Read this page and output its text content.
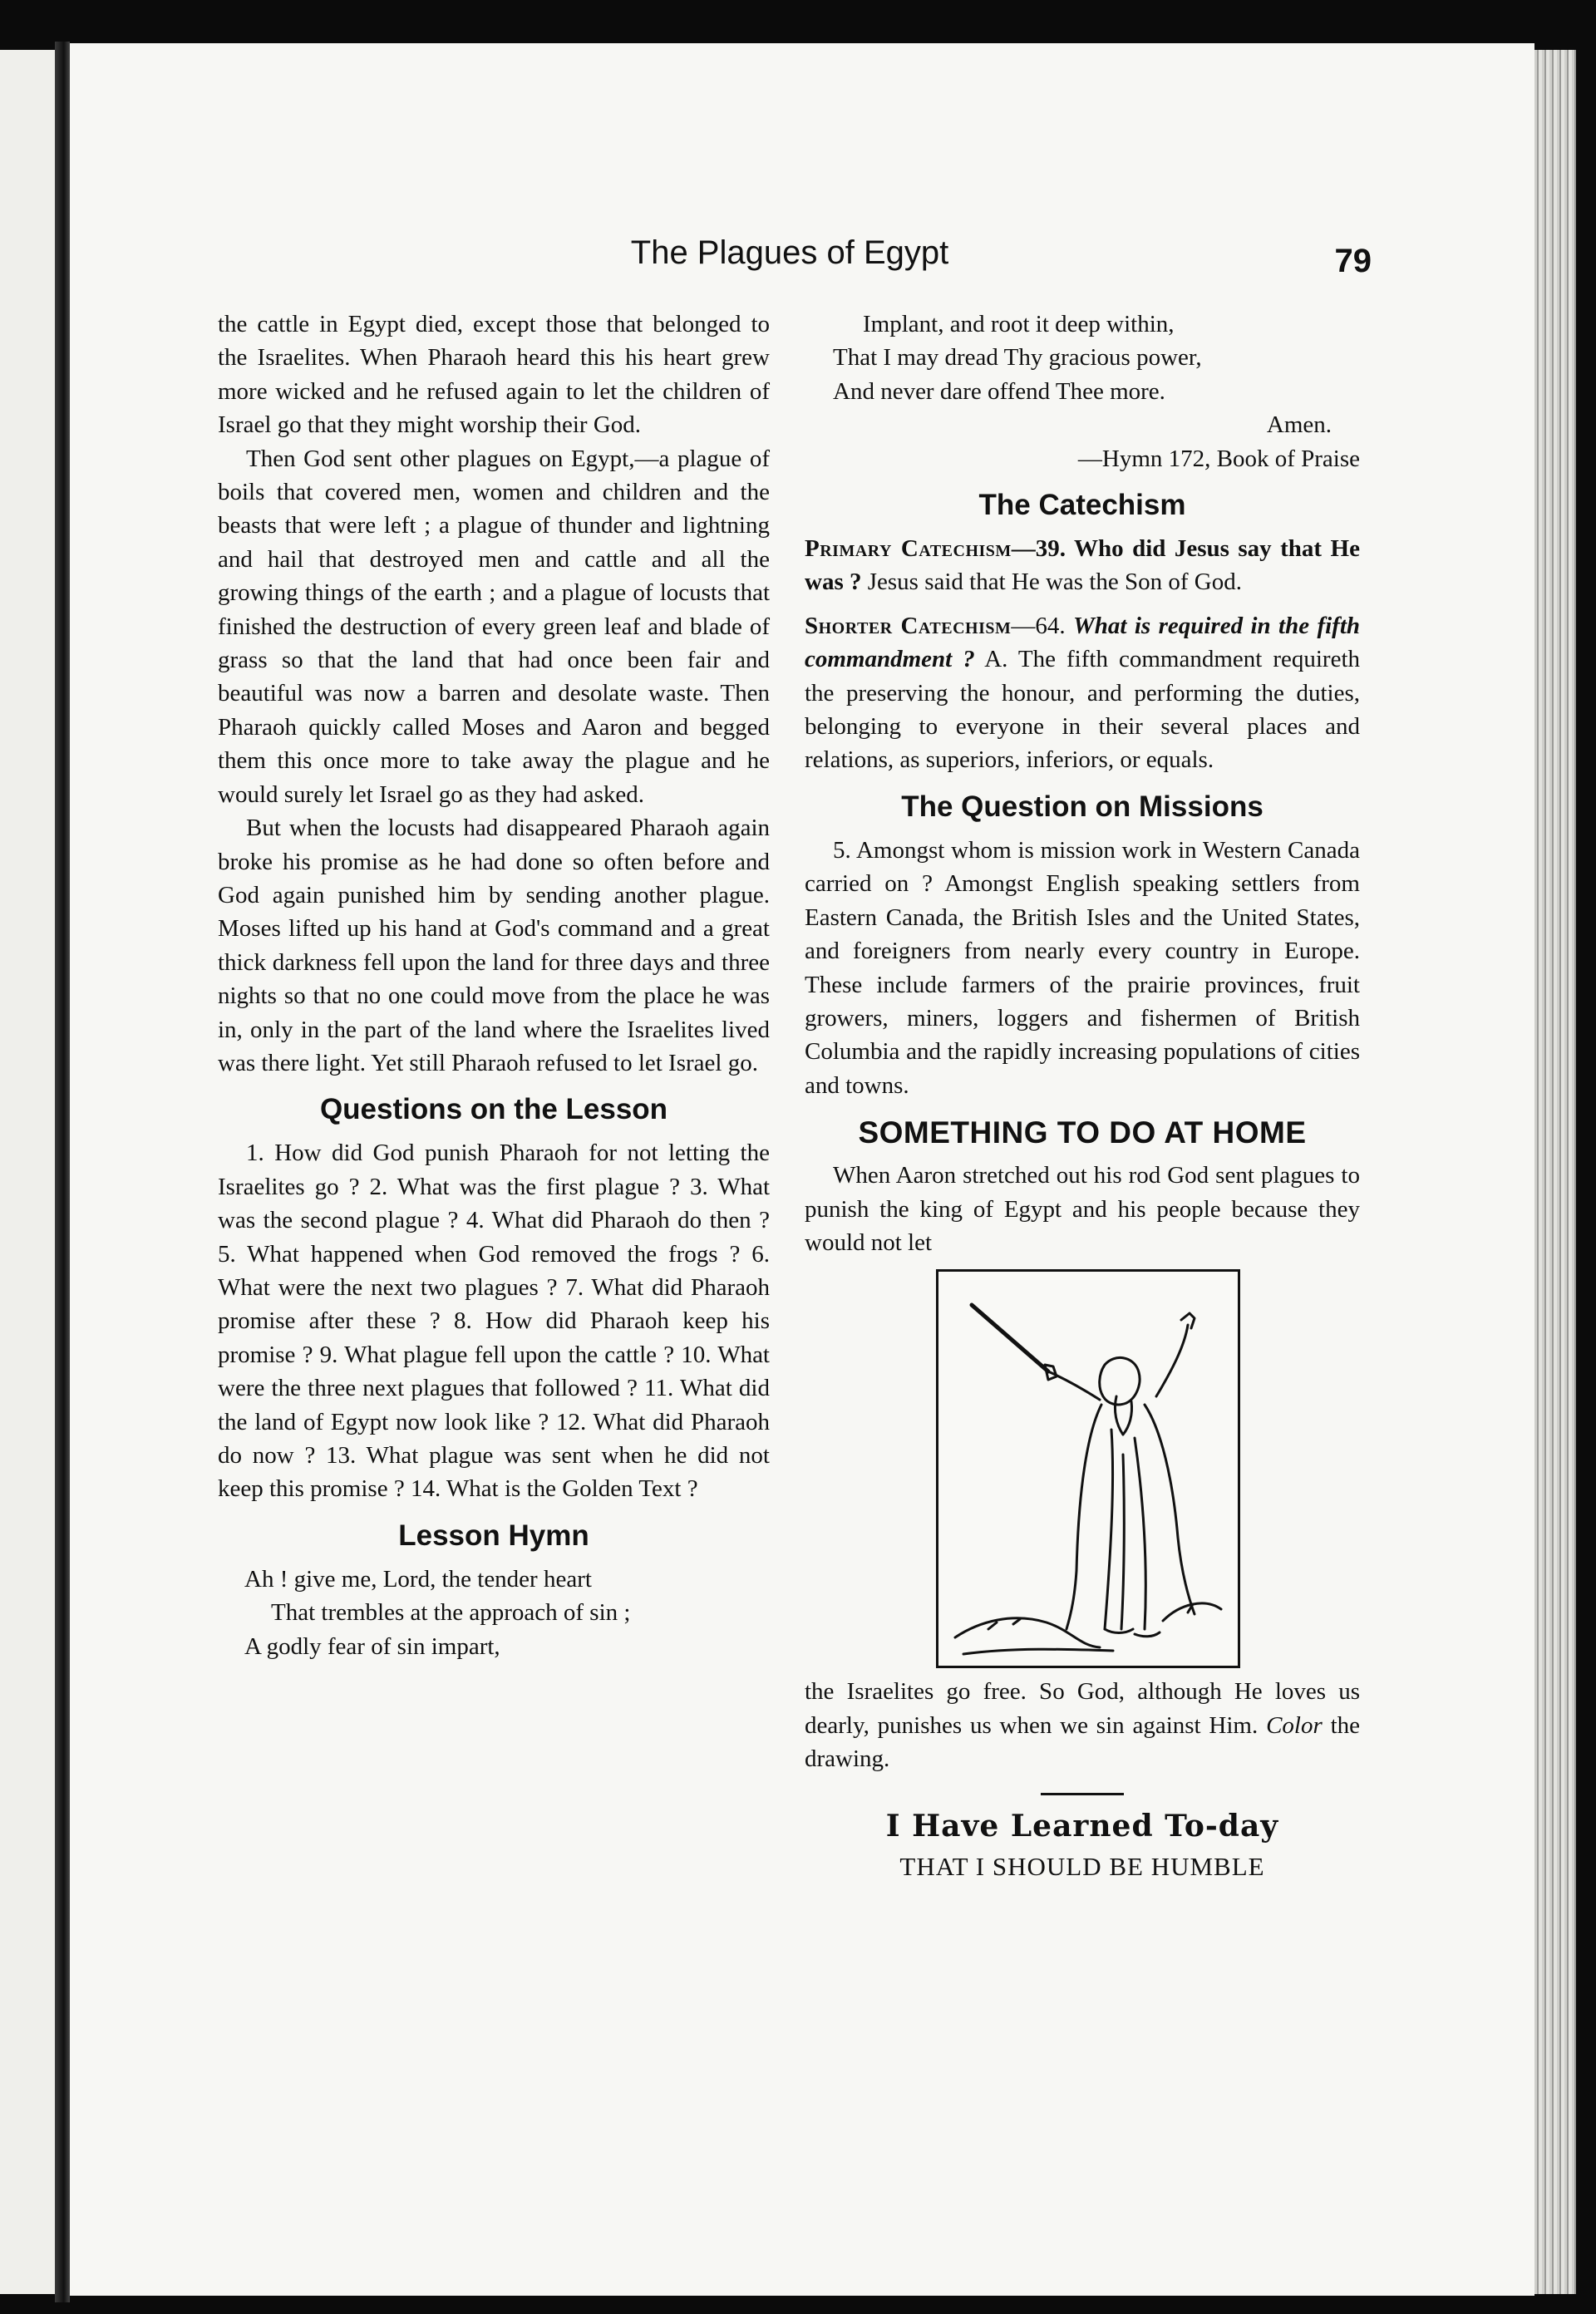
The Plagues of Egypt	79

the cattle in Egypt died, except those that belonged to the Israelites. When Pharaoh heard this his heart grew more wicked and he refused again to let the children of Israel go that they might worship their God.

Then God sent other plagues on Egypt,—a plague of boils that covered men, women and children and the beasts that were left ; a plague of thunder and lightning and hail that destroyed men and cattle and all the growing things of the earth ; and a plague of locusts that finished the destruction of every green leaf and blade of grass so that the land that had once been fair and beautiful was now a barren and desolate waste. Then Pharaoh quickly called Moses and Aaron and begged them this once more to take away the plague and he would surely let Israel go as they had asked.

But when the locusts had disappeared Pharaoh again broke his promise as he had done so often before and God again punished him by sending another plague. Moses lifted up his hand at God's command and a great thick darkness fell upon the land for three days and three nights so that no one could move from the place he was in, only in the part of the land where the Israelites lived was there light. Yet still Pharaoh refused to let Israel go.

Questions on the Lesson

1. How did God punish Pharaoh for not letting the Israelites go ? 2. What was the first plague ? 3. What was the second plague ? 4. What did Pharaoh do then ? 5. What happened when God removed the frogs ? 6. What were the next two plagues ? 7. What did Pharaoh promise after these ? 8. How did Pharaoh keep his promise ? 9. What plague fell upon the cattle ? 10. What were the three next plagues that followed ? 11. What did the land of Egypt now look like ? 12. What did Pharaoh do now ? 13. What plague was sent when he did not keep this promise ? 14. What is the Golden Text ?

Lesson Hymn
Ah ! give me, Lord, the tender heart
That trembles at the approach of sin ;
A godly fear of sin impart,
Implant, and root it deep within,
That I may dread Thy gracious power,
And never dare offend Thee more.
Amen.
—Hymn 172, Book of Praise
The Catechism

Primary Catechism—39. Who did Jesus say that He was ? Jesus said that He was the Son of God.

Shorter Catechism—64. What is required in the fifth commandment ? A. The fifth commandment requireth the preserving the honour, and performing the duties, belonging to everyone in their several places and relations, as superiors, inferiors, or equals.

The Question on Missions

5. Amongst whom is mission work in Western Canada carried on ? Amongst English speaking settlers from Eastern Canada, the British Isles and the United States, and foreigners from nearly every country in Europe. These include farmers of the prairie provinces, fruit growers, miners, loggers and fishermen of British Columbia and the rapidly increasing populations of cities and towns.

SOMETHING TO DO AT HOME

When Aaron stretched out his rod God sent plagues to punish the king of Egypt and his people because they would not let

the Israelites go free. So God, although He loves us dearly, punishes us when we sin against Him. Color the drawing.

I Have Learned To-day
THAT I SHOULD BE HUMBLE
